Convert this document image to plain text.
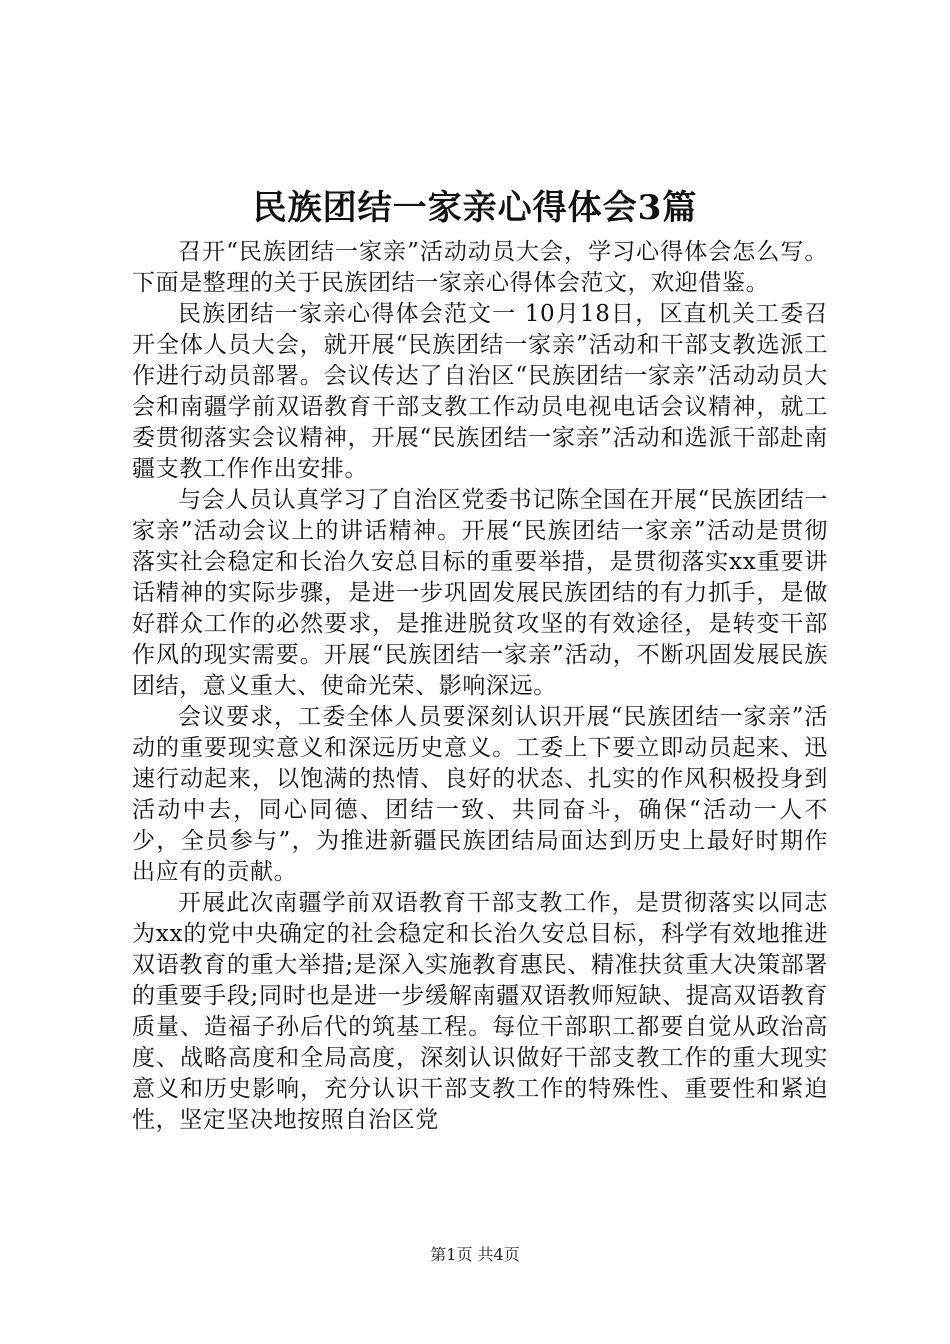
民族团结一家亲心得体会3篇

召开“民族团结一家亲”活动动员大会，学习心得体会怎么写。下面是整理的关于民族团结一家亲心得体会范文，欢迎借鉴。

民族团结一家亲心得体会范文一 10月18日，区直机关工委召开全体人员大会，就开展“民族团结一家亲”活动和干部支教选派工作进行动员部署。会议传达了自治区“民族团结一家亲”活动动员大会和南疆学前双语教育干部支教工作动员电视电话会议精神，就工委贯彻落实会议精神，开展“民族团结一家亲”活动和选派干部赴南疆支教工作作出安排。

与会人员认真学习了自治区党委书记陈全国在开展“民族团结一家亲”活动会议上的讲话精神。开展“民族团结一家亲”活动是贯彻落实社会稳定和长治久安总目标的重要举措，是贯彻落实xx重要讲话精神的实际步骤，是进一步巩固发展民族团结的有力抓手，是做好群众工作的必然要求，是推进脱贫攻坚的有效途径，是转变干部作风的现实需要。开展“民族团结一家亲”活动，不断巩固发展民族团结，意义重大、使命光荣、影响深远。

会议要求，工委全体人员要深刻认识开展“民族团结一家亲”活动的重要现实意义和深远历史意义。工委上下要立即动员起来、迅速行动起来，以饱满的热情、良好的状态、扎实的作风积极投身到活动中去，同心同德、团结一致、共同奋斗，确保“活动一人不少，全员参与”，为推进新疆民族团结局面达到历史上最好时期作出应有的贡献。

开展此次南疆学前双语教育干部支教工作，是贯彻落实以同志为xx的党中央确定的社会稳定和长治久安总目标，科学有效地推进双语教育的重大举措;是深入实施教育惠民、精准扶贫重大决策部署的重要手段;同时也是进一步缓解南疆双语教师短缺、提高双语教育质量、造福子孙后代的筑基工程。每位干部职工都要自觉从政治高度、战略高度和全局高度，深刻认识做好干部支教工作的重大现实意义和历史影响，充分认识干部支教工作的特殊性、重要性和紧迫性，坚定坚决地按照自治区党

第1页 共4页
